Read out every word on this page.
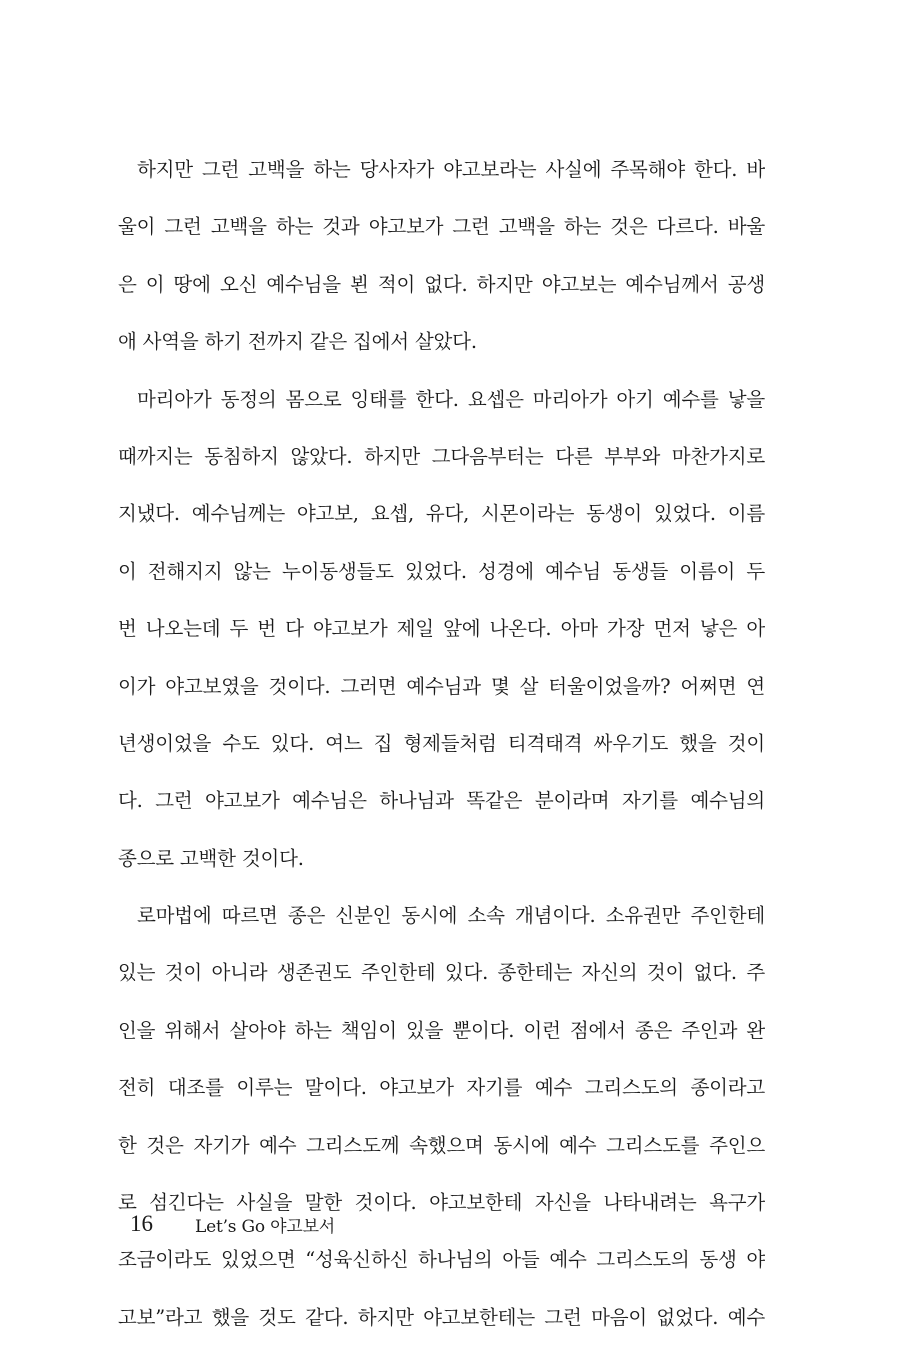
하지만 그런 고백을 하는 당사자가 야고보라는 사실에 주목해야 한다. 바
울이 그런 고백을 하는 것과 야고보가 그런 고백을 하는 것은 다르다. 바울
은 이 땅에 오신 예수님을 뵌 적이 없다. 하지만 야고보는 예수님께서 공생
애 사역을 하기 전까지 같은 집에서 살았다.
마리아가 동정의 몸으로 잉태를 한다. 요셉은 마리아가 아기 예수를 낳을
때까지는 동침하지 않았다. 하지만 그다음부터는 다른 부부와 마찬가지로
지냈다. 예수님께는 야고보, 요셉, 유다, 시몬이라는 동생이 있었다. 이름
이 전해지지 않는 누이동생들도 있었다. 성경에 예수님 동생들 이름이 두
번 나오는데 두 번 다 야고보가 제일 앞에 나온다. 아마 가장 먼저 낳은 아
이가 야고보였을 것이다. 그러면 예수님과 몇 살 터울이었을까? 어쩌면 연
년생이었을 수도 있다. 여느 집 형제들처럼 티격태격 싸우기도 했을 것이
다. 그런 야고보가 예수님은 하나님과 똑같은 분이라며 자기를 예수님의
종으로 고백한 것이다.
로마법에 따르면 종은 신분인 동시에 소속 개념이다. 소유권만 주인한테
있는 것이 아니라 생존권도 주인한테 있다. 종한테는 자신의 것이 없다. 주
인을 위해서 살아야 하는 책임이 있을 뿐이다. 이런 점에서 종은 주인과 완
전히 대조를 이루는 말이다. 야고보가 자기를 예수 그리스도의 종이라고
한 것은 자기가 예수 그리스도께 속했으며 동시에 예수 그리스도를 주인으
로 섬긴다는 사실을 말한 것이다. 야고보한테 자신을 나타내려는 욕구가
조금이라도 있었으면 “성육신하신 하나님의 아들 예수 그리스도의 동생 야
고보”라고 했을 것도 같다. 하지만 야고보한테는 그런 마음이 없었다. 예수
16 Let’s Go 야고보서
